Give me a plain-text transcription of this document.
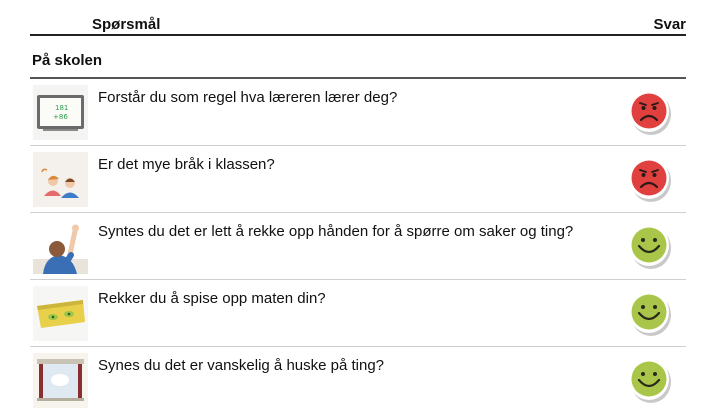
Spørsmål	Svar
På skolen
181
+86
Forstår du som regel hva læreren lærer deg?
Er det mye bråk i klassen?
Syntes du det er lett å rekke opp hånden for å spørre om saker og ting?
Rekker du å spise opp maten din?
Synes du det er vanskelig å huske på ting?
